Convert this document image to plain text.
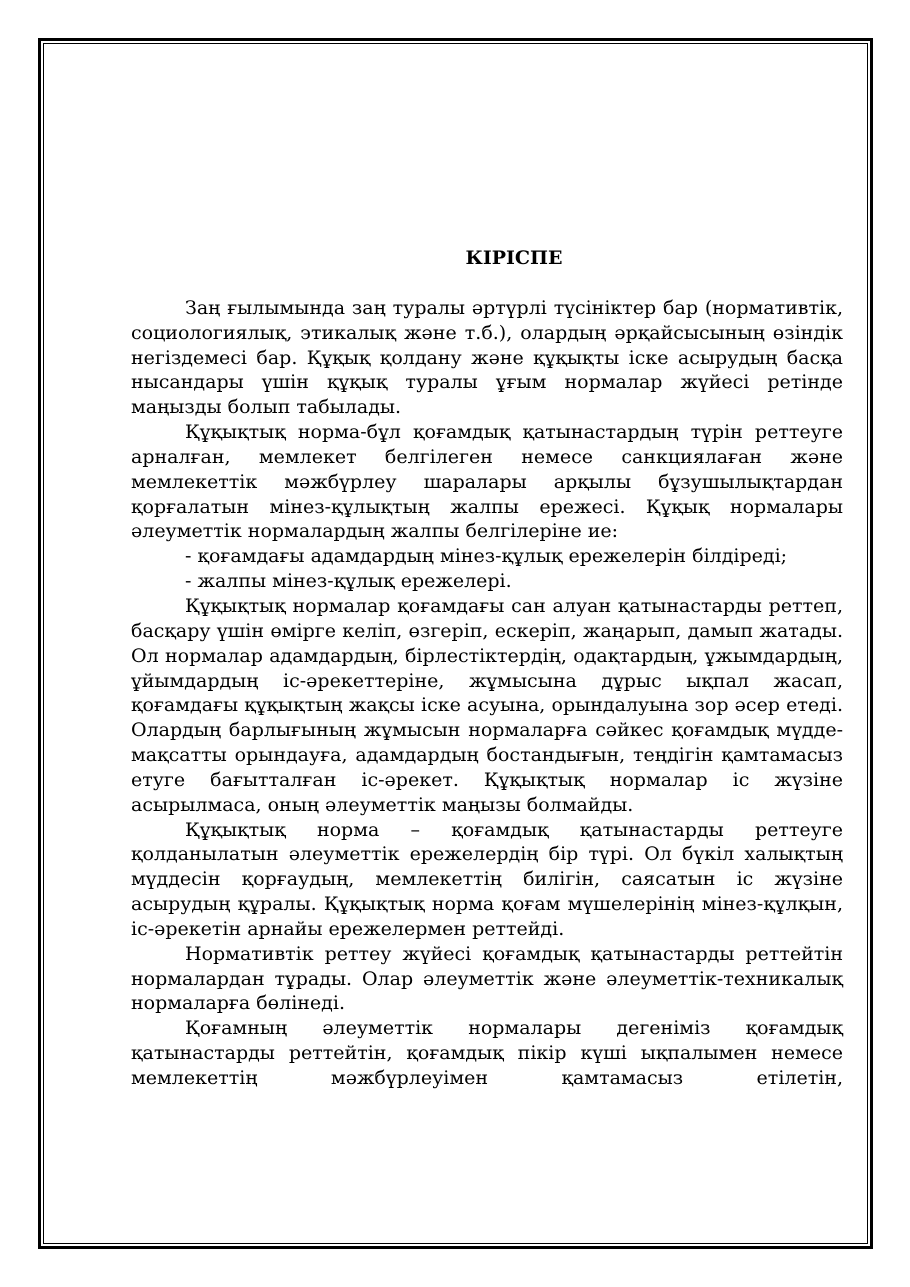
КІРІСПЕ

Заң ғылымында заң туралы әртүрлі түсініктер бар (нормативтік, социологиялық, этикалық және т.б.), олардың әрқайсысының өзіндік негіздемесі бар. Құқық қолдану және құқықты іске асырудың басқа нысандары үшін құқық туралы ұғым нормалар жүйесі ретінде маңызды болып табылады.

Құқықтық норма-бұл қоғамдық қатынастардың түрін реттеуге арналған, мемлекет белгілеген немесе санкциялаған және мемлекеттік мәжбүрлеу шаралары арқылы бұзушылықтардан қорғалатын мінез-құлықтың жалпы ережесі. Құқық нормалары әлеуметтік нормалардың жалпы белгілеріне ие:

- қоғамдағы адамдардың мінез-құлық ережелерін білдіреді;

- жалпы мінез-құлық ережелері.

Құқықтық нормалар қоғамдағы сан алуан қатынастарды реттеп, басқару үшін өмірге келіп, өзгеріп, ескеріп, жаңарып, дамып жатады. Ол нормалар адамдардың, бірлестіктердің, одақтардың, ұжымдардың, ұйымдардың іс-әрекеттеріне, жұмысына дұрыс ықпал жасап, қоғамдағы құқықтың жақсы іске асуына, орындалуына зор әсер етеді. Олардың барлығының жұмысын нормаларға сәйкес қоғамдық мүдде-мақсатты орындауға, адамдардың бостандығын, теңдігін қамтамасыз етуге бағытталған іс-әрекет. Құқықтық нормалар іс жүзіне асырылмаса, оның әлеуметтік маңызы болмайды.

Құқықтық норма – қоғамдық қатынастарды реттеуге қолданылатын әлеуметтік ережелердің бір түрі. Ол бүкіл халықтың мүддесін қорғаудың, мемлекеттің билігін, саясатын іс жүзіне асырудың құралы. Құқықтық норма қоғам мүшелерінің мінез-құлқын, іс-әрекетін арнайы ережелермен реттейді.

Нормативтік реттеу жүйесі қоғамдық қатынастарды реттейтін нормалардан тұрады. Олар әлеуметтік және әлеуметтік-техникалық нормаларға бөлінеді.

Қоғамның әлеуметтік нормалары дегеніміз қоғамдық қатынастарды реттейтін, қоғамдық пікір күші ықпалымен немесе мемлекеттің мәжбүрлеуімен қамтамасыз етілетін,
